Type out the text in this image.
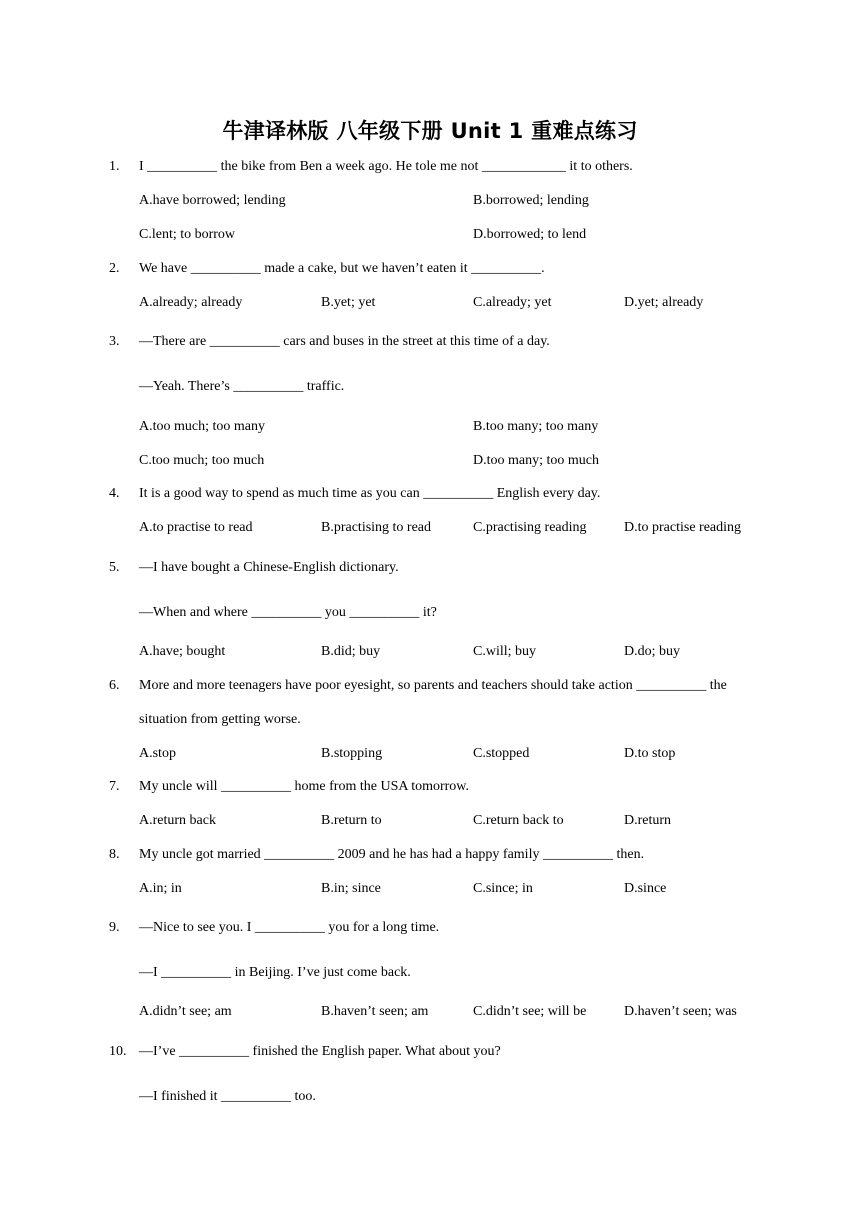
牛津译林版 八年级下册 Unit 1 重难点练习
1. I __________ the bike from Ben a week ago. He tole me not ____________ it to others.
A.have borrowed; lending	B.borrowed; lending
C.lent; to borrow	D.borrowed; to lend
2. We have __________ made a cake, but we haven’t eaten it __________.
A.already; already	B.yet; yet	C.already; yet	D.yet; already
3. —There are __________ cars and buses in the street at this time of a day.
—Yeah. There’s __________ traffic.
A.too much; too many	B.too many; too many
C.too much; too much	D.too many; too much
4. It is a good way to spend as much time as you can __________ English every day.
A.to practise to read	B.practising to read	C.practising reading	D.to practise reading
5. —I have bought a Chinese-English dictionary.
—When and where __________ you __________ it?
A.have; bought	B.did; buy	C.will; buy	D.do; buy
6. More and more teenagers have poor eyesight, so parents and teachers should take action __________ the
situation from getting worse.
A.stop	B.stopping	C.stopped	D.to stop
7. My uncle will __________ home from the USA tomorrow.
A.return back	B.return to	C.return back to	D.return
8. My uncle got married __________ 2009 and he has had a happy family __________ then.
A.in; in	B.in; since	C.since; in	D.since
9. —Nice to see you. I __________ you for a long time.
—I __________ in Beijing. I’ve just come back.
A.didn’t see; am	B.haven’t seen; am	C.didn’t see; will be	D.haven’t seen; was
10. —I’ve __________ finished the English paper. What about you?
—I finished it __________ too.
